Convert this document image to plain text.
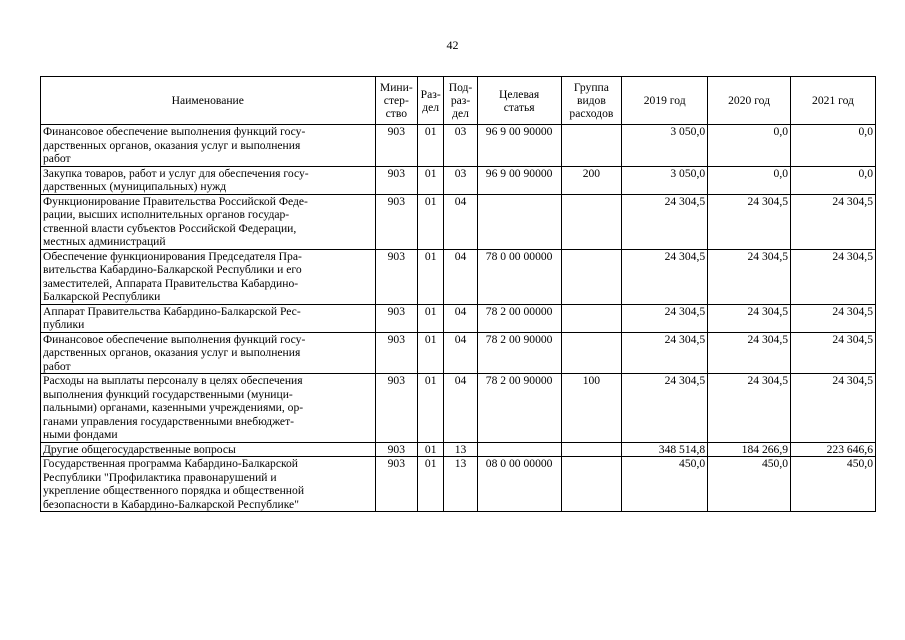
42
Наименование	Мини-
стер-
ство	Раз-
дел	Под-
раз-
дел	Целевая
статья	Группа
видов
расходов	2019 год	2020 год	2021 год
Финансовое обеспечение выполнения функций госу-
дарственных органов, оказания услуг и выполнения
работ	903	01	03	96 9 00 90000		3 050,0	0,0	0,0
Закупка товаров, работ и услуг для обеспечения госу-
дарственных (муниципальных) нужд	903	01	03	96 9 00 90000	200	3 050,0	0,0	0,0
Функционирование Правительства Российской Феде-
рации, высших исполнительных органов государ-
ственной власти субъектов Российской Федерации,
местных администраций	903	01	04			24 304,5	24 304,5	24 304,5
Обеспечение функционирования Председателя Пра-
вительства Кабардино-Балкарской Республики и его
заместителей, Аппарата Правительства Кабардино-
Балкарской Республики	903	01	04	78 0 00 00000		24 304,5	24 304,5	24 304,5
Аппарат Правительства Кабардино-Балкарской Рес-
публики	903	01	04	78 2 00 00000		24 304,5	24 304,5	24 304,5
Финансовое обеспечение выполнения функций госу-
дарственных органов, оказания услуг и выполнения
работ	903	01	04	78 2 00 90000		24 304,5	24 304,5	24 304,5
Расходы на выплаты персоналу в целях обеспечения
выполнения функций государственными (муници-
пальными) органами, казенными учреждениями, ор-
ганами управления государственными внебюджет-
ными фондами	903	01	04	78 2 00 90000	100	24 304,5	24 304,5	24 304,5
Другие общегосударственные вопросы	903	01	13			348 514,8	184 266,9	223 646,6
Государственная программа Кабардино-Балкарской
Республики "Профилактика правонарушений и
укрепление общественного порядка и общественной
безопасности в Кабардино-Балкарской Республике"	903	01	13	08 0 00 00000		450,0	450,0	450,0
